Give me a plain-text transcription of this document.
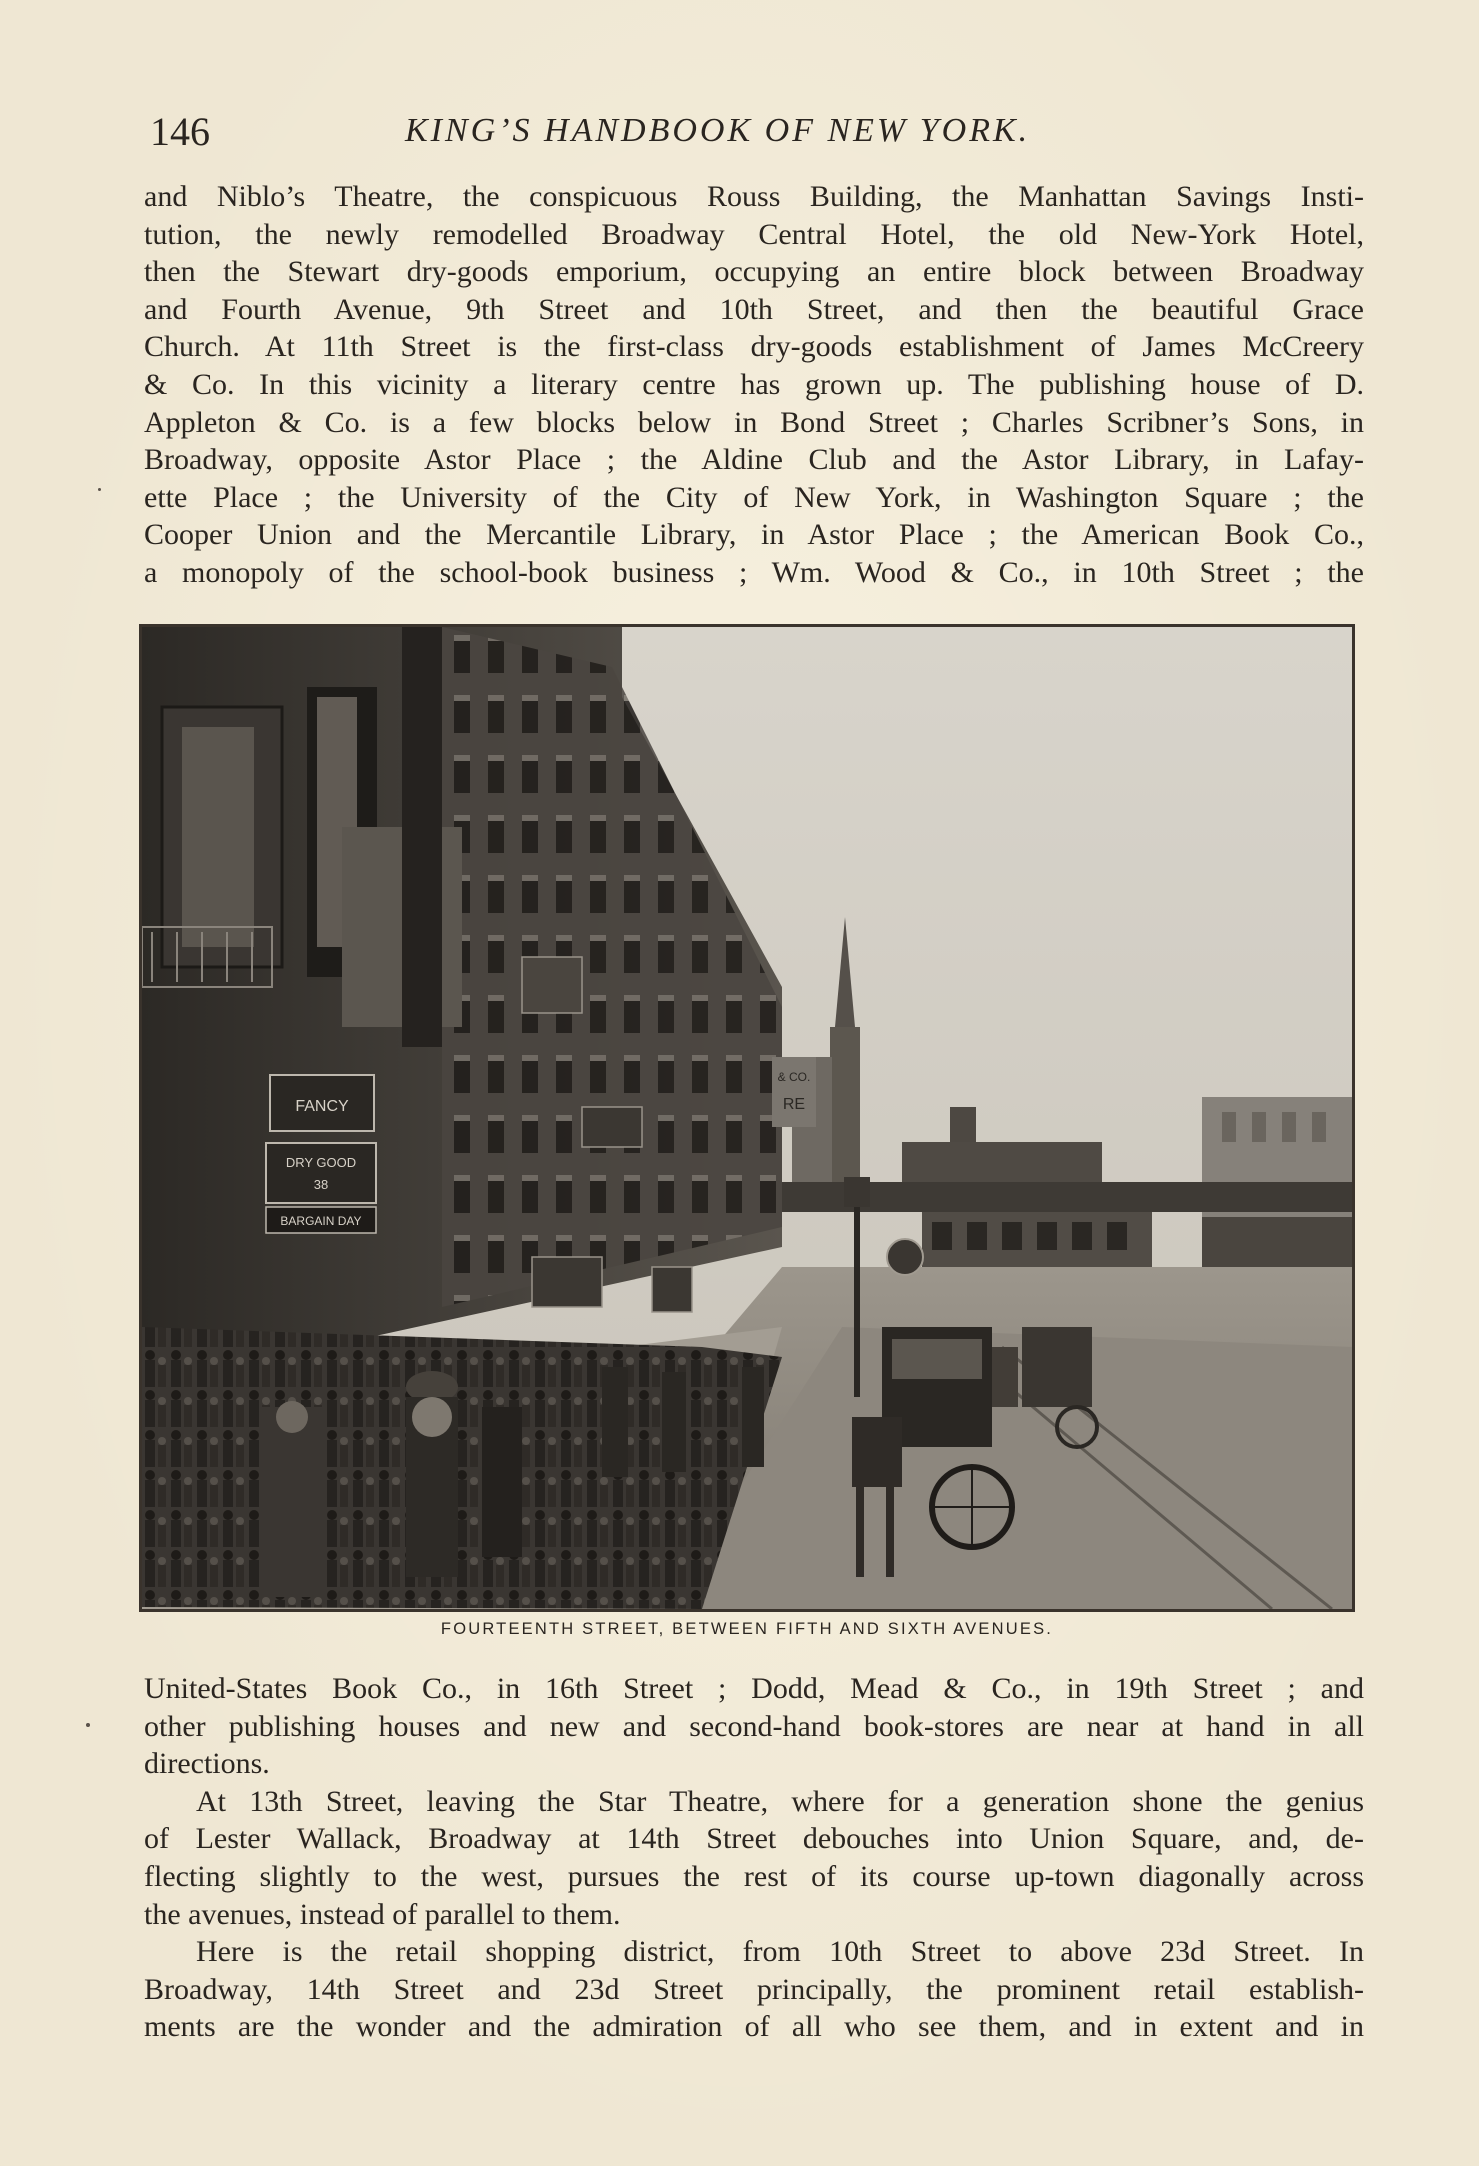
146	KING’S HANDBOOK OF NEW YORK.

and Niblo’s Theatre, the conspicuous Rouss Building, the Manhattan Savings Insti-

tution, the newly remodelled Broadway Central Hotel, the old New-York Hotel,

then the Stewart dry-goods emporium, occupying an entire block between Broadway

and Fourth Avenue, 9th Street and 10th Street, and then the beautiful Grace

Church. At 11th Street is the first-class dry-goods establishment of James McCreery

& Co. In this vicinity a literary centre has grown up. The publishing house of D.

Appleton & Co. is a few blocks below in Bond Street ; Charles Scribner’s Sons, in

Broadway, opposite Astor Place ; the Aldine Club and the Astor Library, in Lafay-

ette Place ; the University of the City of New York, in Washington Square ; the

Cooper Union and the Mercantile Library, in Astor Place ; the American Book Co.,

a monopoly of the school-book business ; Wm. Wood & Co., in 10th Street ; the

FANCY
DRY GOOD
38
BARGAIN DAY
& CO.
RE
FOURTEENTH STREET, BETWEEN FIFTH AND SIXTH AVENUES.

United-States Book Co., in 16th Street ; Dodd, Mead & Co., in 19th Street ; and

other publishing houses and new and second-hand book-stores are near at hand in all

directions.

At 13th Street, leaving the Star Theatre, where for a generation shone the genius

of Lester Wallack, Broadway at 14th Street debouches into Union Square, and, de-

flecting slightly to the west, pursues the rest of its course up-town diagonally across

the avenues, instead of parallel to them.

Here is the retail shopping district, from 10th Street to above 23d Street. In

Broadway, 14th Street and 23d Street principally, the prominent retail establish-

ments are the wonder and the admiration of all who see them, and in extent and in
